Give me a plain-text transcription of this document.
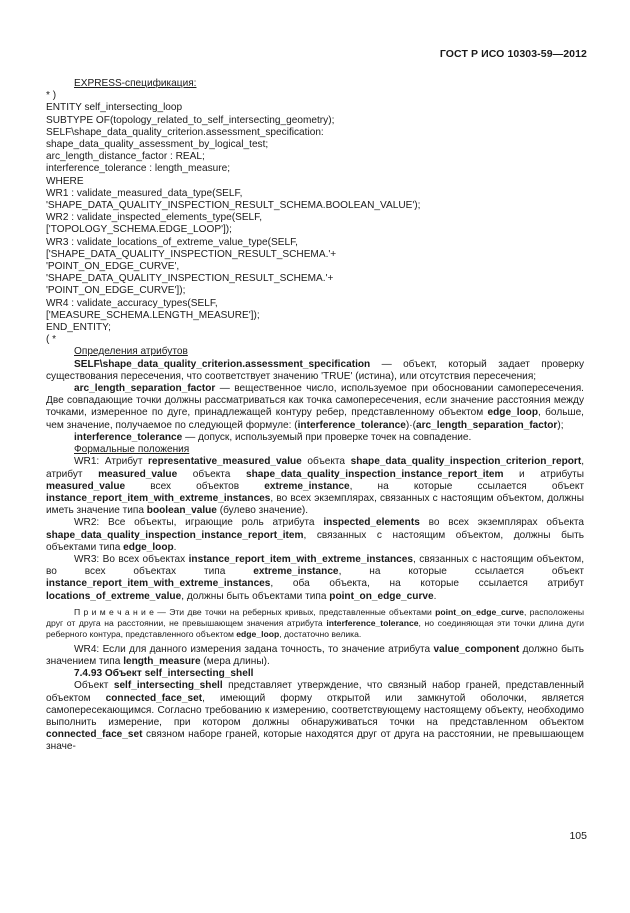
ГОСТ Р ИСО 10303-59—2012

EXPRESS-спецификация:

* )
ENTITY self_intersecting_loop
SUBTYPE OF(topology_related_to_self_intersecting_geometry);
SELF\shape_data_quality_criterion.assessment_specification:
shape_data_quality_assessment_by_logical_test;
arc_length_distance_factor : REAL;
interference_tolerance : length_measure;
WHERE
WR1 : validate_measured_data_type(SELF,
'SHAPE_DATA_QUALITY_INSPECTION_RESULT_SCHEMA.BOOLEAN_VALUE');
WR2 : validate_inspected_elements_type(SELF,
['TOPOLOGY_SCHEMA.EDGE_LOOP']);
WR3 : validate_locations_of_extreme_value_type(SELF,
['SHAPE_DATA_QUALITY_INSPECTION_RESULT_SCHEMA.'+
'POINT_ON_EDGE_CURVE',
'SHAPE_DATA_QUALITY_INSPECTION_RESULT_SCHEMA.'+
'POINT_ON_EDGE_CURVE']);
WR4 : validate_accuracy_types(SELF,
['MEASURE_SCHEMA.LENGTH_MEASURE']);
END_ENTITY;
( *

Определения атрибутов

SELF\shape_data_quality_criterion.assessment_specification — объект, который задает проверку существования пересечения, что соответствует значению 'TRUE' (истина), или отсутствия пересечения;

arc_length_separation_factor — вещественное число, используемое при обосновании самопересечения. Две совпадающие точки должны рассматриваться как точка самопересечения, если значение расстояния между точками, измеренное по дуге, принадлежащей контуру ребер, представленному объектом edge_loop, больше, чем значение, получаемое по следующей формуле: (interference_tolerance)·(arc_length_separation_factor);

interference_tolerance — допуск, используемый при проверке точек на совпадение.

Формальные положения

WR1: Атрибут representative_measured_value объекта shape_data_quality_inspection_criterion_report, атрибут measured_value объекта shape_data_quality_inspection_instance_report_item и атрибуты measured_value всех объектов extreme_instance, на которые ссылается объект instance_report_item_with_extreme_instances, во всех экземплярах, связанных с настоящим объектом, должны иметь значение типа boolean_value (булево значение).

WR2: Все объекты, играющие роль атрибута inspected_elements во всех экземплярах объекта shape_data_quality_inspection_instance_report_item, связанных с настоящим объектом, должны быть объектами типа edge_loop.

WR3: Во всех объектах instance_report_item_with_extreme_instances, связанных с настоящим объектом, во всех объектах типа extreme_instance, на которые ссылается объект instance_report_item_with_extreme_instances, оба объекта, на которые ссылается атрибут locations_of_extreme_value, должны быть объектами типа point_on_edge_curve.

П р и м е ч а н и е — Эти две точки на реберных кривых, представленные объектами point_on_edge_curve, расположены друг от друга на расстоянии, не превышающем значения атрибута interference_tolerance, но соединяющая эти точки длина дуги реберного контура, представленного объектом edge_loop, достаточно велика.

WR4: Если для данного измерения задана точность, то значение атрибута value_component должно быть значением типа length_measure (мера длины).

7.4.93 Объект self_intersecting_shell

Объект self_intersecting_shell представляет утверждение, что связный набор граней, представленный объектом connected_face_set, имеющий форму открытой или замкнутой оболочки, является самопересекающимся. Согласно требованию к измерению, соответствующему настоящему объекту, необходимо выполнить измерение, при котором должны обнаруживаться точки на представленном объектом connected_face_set связном наборе граней, которые находятся друг от друга на расстоянии, не превышающем значе-

105
